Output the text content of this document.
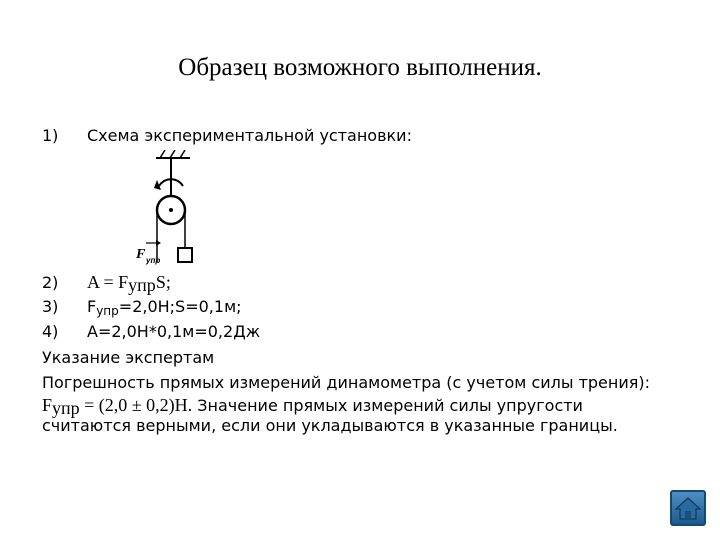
Образец возможного выполнения.
1) Схема экспериментальной установки:
F упр
2) $A = F_{упр}S$;
3) $F_{упр}=2,0Н;S=0,1м$;
4) А=2,0Н*0,1м=0,2Дж
Указание экспертам
Погрешность прямых измерений динамометра (с учетом силы трения):
$F_{упр} = (2,0 \pm 0,2)Н$. Значение прямых измерений силы упругости
считаются верными, если они укладываются в указанные границы.
